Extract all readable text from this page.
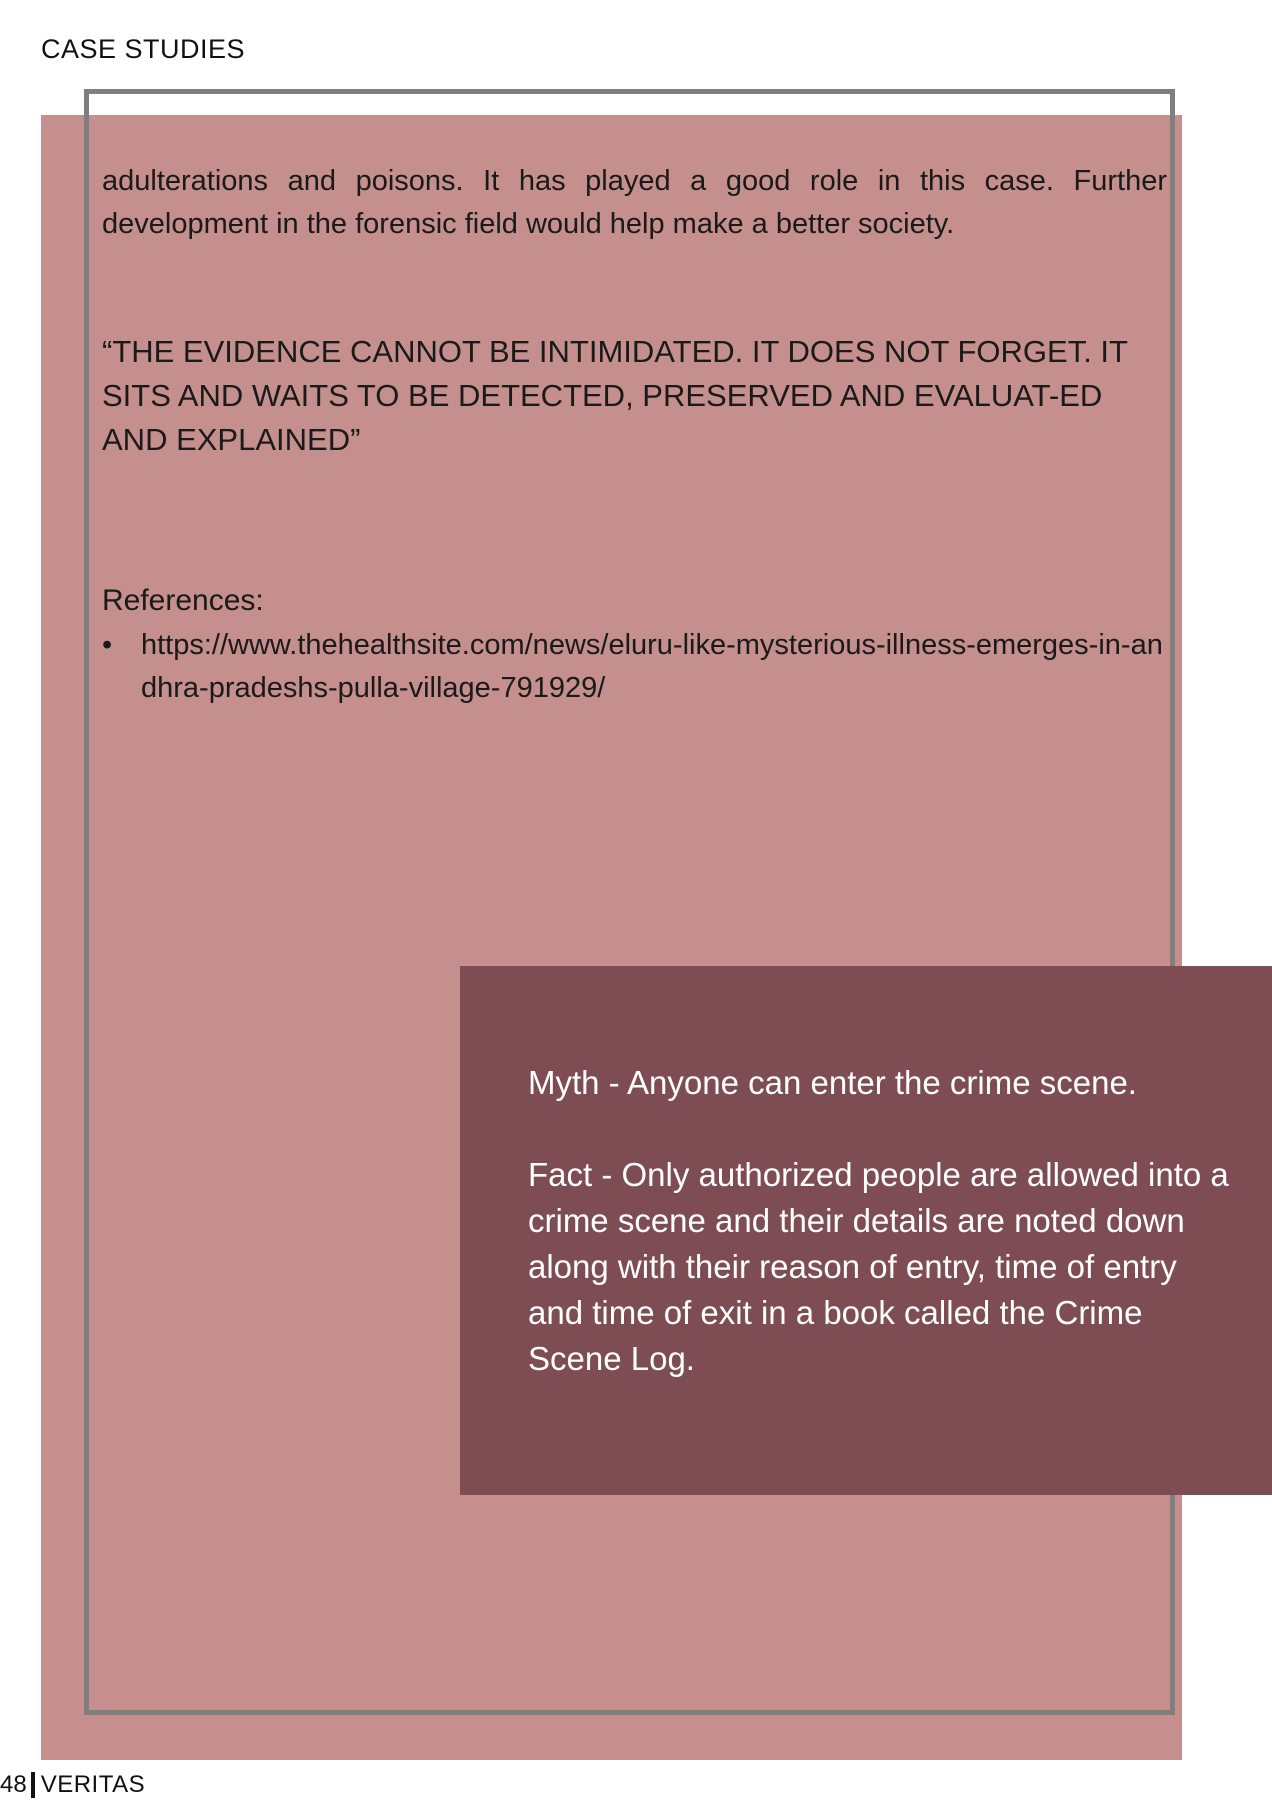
CASE STUDIES

adulterations and poisons. It has played a good role in this case. Further development in the forensic field would help make a better society.

“THE EVIDENCE CANNOT BE INTIMIDATED. IT DOES NOT FORGET. IT SITS AND WAITS TO BE DETECTED, PRESERVED AND EVALUAT-ED AND EXPLAINED”

References:
• https://www.thehealthsite.com/news/eluru-like-mysterious-illness-emerges-in-andhra-pradeshs-pulla-village-791929/

Myth - Anyone can enter the crime scene.

Fact - Only authorized people are allowed into a crime scene and their details are noted down along with their reason of entry, time of entry and time of exit in a book called the Crime Scene Log.

48 VERITAS
